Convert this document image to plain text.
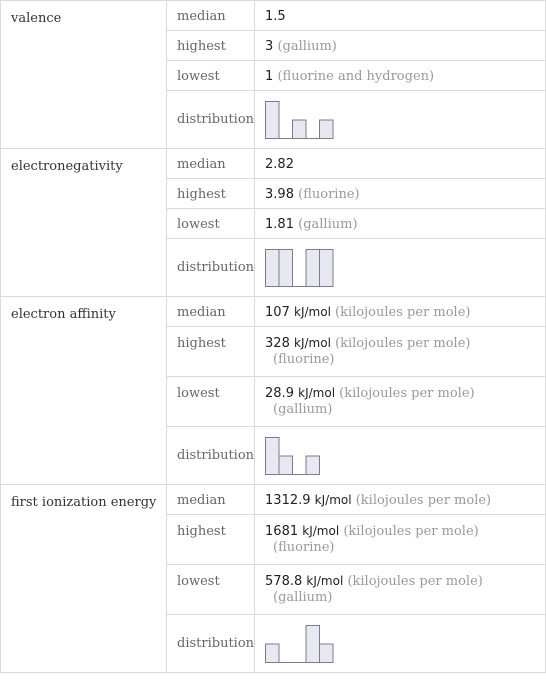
valence	median	1.5
	highest	3 (gallium)
	lowest	1 (fluorine and hydrogen)
	distribution	

electronegativity	median	2.82
	highest	3.98 (fluorine)
	lowest	1.81 (gallium)
	distribution	

electron affinity	median	107 kJ/mol (kilojoules per mole)
	highest	328 kJ/mol (kilojoules per mole)
(fluorine)

	lowest	28.9 kJ/mol (kilojoules per mole)
(gallium)

	distribution	

first ionization energy	median	1312.9 kJ/mol (kilojoules per mole)
	highest	1681 kJ/mol (kilojoules per mole)
(fluorine)

	lowest	578.8 kJ/mol (kilojoules per mole)
(gallium)

	distribution	
